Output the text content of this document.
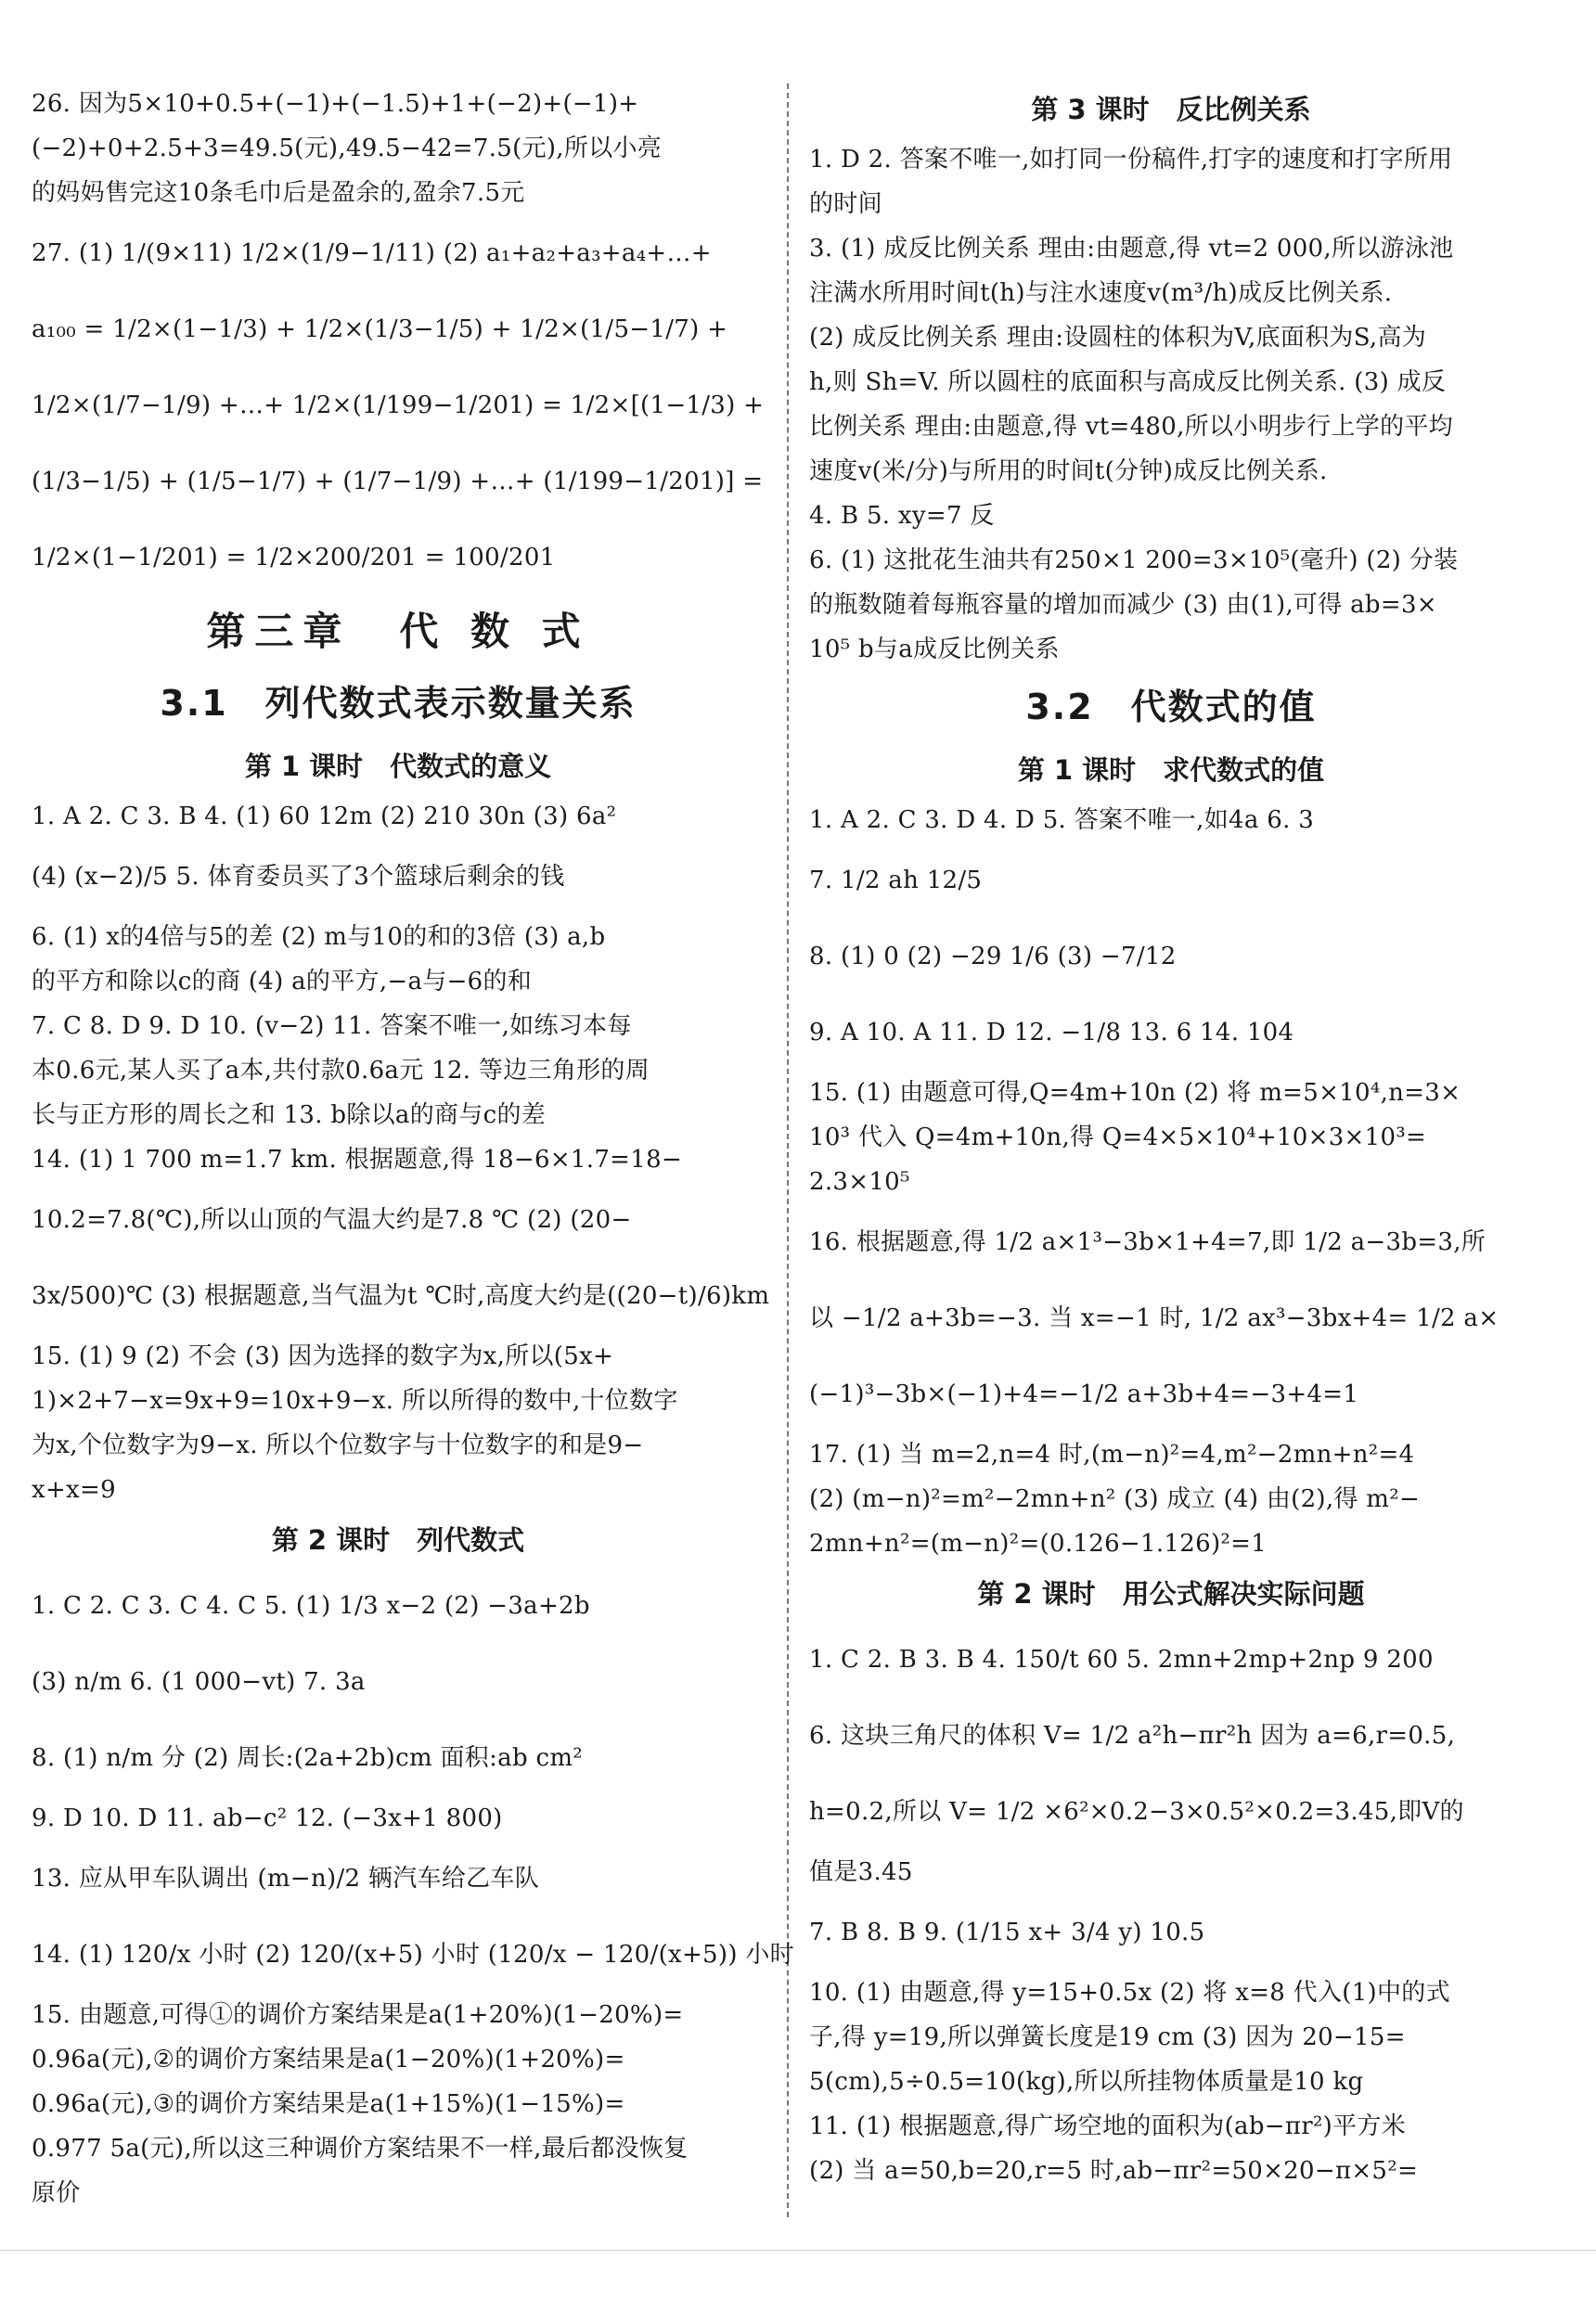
26. 因为5×10+0.5+(−1)+(−1.5)+1+(−2)+(−1)+
(−2)+0+2.5+3=49.5(元),49.5−42=7.5(元),所以小亮
的妈妈售完这10条毛巾后是盈余的,盈余7.5元
27. (1) 1/(9×11) 1/2×(1/9−1/11) (2) a₁+a₂+a₃+a₄+…+
a₁₀₀ = 1/2×(1−1/3) + 1/2×(1/3−1/5) + 1/2×(1/5−1/7) +
1/2×(1/7−1/9) +…+ 1/2×(1/199−1/201) = 1/2×[(1−1/3) +
(1/3−1/5) + (1/5−1/7) + (1/7−1/9) +…+ (1/199−1/201)] =
1/2×(1−1/201) = 1/2×200/201 = 100/201
第三章　代 数 式
3.1　列代数式表示数量关系
第 1 课时　代数式的意义
1. A 2. C 3. B 4. (1) 60 12m (2) 210 30n (3) 6a²
(4) (x−2)/5 5. 体育委员买了3个篮球后剩余的钱
6. (1) x的4倍与5的差 (2) m与10的和的3倍 (3) a,b
的平方和除以c的商 (4) a的平方,−a与−6的和
7. C 8. D 9. D 10. (v−2) 11. 答案不唯一,如练习本每
本0.6元,某人买了a本,共付款0.6a元 12. 等边三角形的周
长与正方形的周长之和 13. b除以a的商与c的差
14. (1) 1 700 m=1.7 km. 根据题意,得 18−6×1.7=18−
10.2=7.8(℃),所以山顶的气温大约是7.8 ℃ (2) (20−
3x/500)℃ (3) 根据题意,当气温为t ℃时,高度大约是((20−t)/6)km
15. (1) 9 (2) 不会 (3) 因为选择的数字为x,所以(5x+
1)×2+7−x=9x+9=10x+9−x. 所以所得的数中,十位数字
为x,个位数字为9−x. 所以个位数字与十位数字的和是9−
x+x=9
第 2 课时　列代数式
1. C 2. C 3. C 4. C 5. (1) 1/3 x−2 (2) −3a+2b
(3) n/m 6. (1 000−vt) 7. 3a
8. (1) n/m 分 (2) 周长:(2a+2b)cm 面积:ab cm²
9. D 10. D 11. ab−c² 12. (−3x+1 800)
13. 应从甲车队调出 (m−n)/2 辆汽车给乙车队
14. (1) 120/x 小时 (2) 120/(x+5) 小时 (120/x − 120/(x+5)) 小时
15. 由题意,可得①的调价方案结果是a(1+20%)(1−20%)=
0.96a(元),②的调价方案结果是a(1−20%)(1+20%)=
0.96a(元),③的调价方案结果是a(1+15%)(1−15%)=
0.977 5a(元),所以这三种调价方案结果不一样,最后都没恢复
原价
第 3 课时　反比例关系
1. D 2. 答案不唯一,如打同一份稿件,打字的速度和打字所用
的时间
3. (1) 成反比例关系 理由:由题意,得 vt=2 000,所以游泳池
注满水所用时间t(h)与注水速度v(m³/h)成反比例关系.
(2) 成反比例关系 理由:设圆柱的体积为V,底面积为S,高为
h,则 Sh=V. 所以圆柱的底面积与高成反比例关系. (3) 成反
比例关系 理由:由题意,得 vt=480,所以小明步行上学的平均
速度v(米/分)与所用的时间t(分钟)成反比例关系.
4. B 5. xy=7 反
6. (1) 这批花生油共有250×1 200=3×10⁵(毫升) (2) 分装
的瓶数随着每瓶容量的增加而减少 (3) 由(1),可得 ab=3×
10⁵ b与a成反比例关系
3.2　代数式的值
第 1 课时　求代数式的值
1. A 2. C 3. D 4. D 5. 答案不唯一,如4a 6. 3
7. 1/2 ah 12/5
8. (1) 0 (2) −29 1/6 (3) −7/12
9. A 10. A 11. D 12. −1/8 13. 6 14. 104
15. (1) 由题意可得,Q=4m+10n (2) 将 m=5×10⁴,n=3×
10³ 代入 Q=4m+10n,得 Q=4×5×10⁴+10×3×10³=
2.3×10⁵
16. 根据题意,得 1/2 a×1³−3b×1+4=7,即 1/2 a−3b=3,所
以 −1/2 a+3b=−3. 当 x=−1 时, 1/2 ax³−3bx+4= 1/2 a×
(−1)³−3b×(−1)+4=−1/2 a+3b+4=−3+4=1
17. (1) 当 m=2,n=4 时,(m−n)²=4,m²−2mn+n²=4
(2) (m−n)²=m²−2mn+n² (3) 成立 (4) 由(2),得 m²−
2mn+n²=(m−n)²=(0.126−1.126)²=1
第 2 课时　用公式解决实际问题
1. C 2. B 3. B 4. 150/t 60 5. 2mn+2mp+2np 9 200
6. 这块三角尺的体积 V= 1/2 a²h−πr²h 因为 a=6,r=0.5,
h=0.2,所以 V= 1/2 ×6²×0.2−3×0.5²×0.2=3.45,即V的
值是3.45
7. B 8. B 9. (1/15 x+ 3/4 y) 10.5
10. (1) 由题意,得 y=15+0.5x (2) 将 x=8 代入(1)中的式
子,得 y=19,所以弹簧长度是19 cm (3) 因为 20−15=
5(cm),5÷0.5=10(kg),所以所挂物体质量是10 kg
11. (1) 根据题意,得广场空地的面积为(ab−πr²)平方米
(2) 当 a=50,b=20,r=5 时,ab−πr²=50×20−π×5²=
